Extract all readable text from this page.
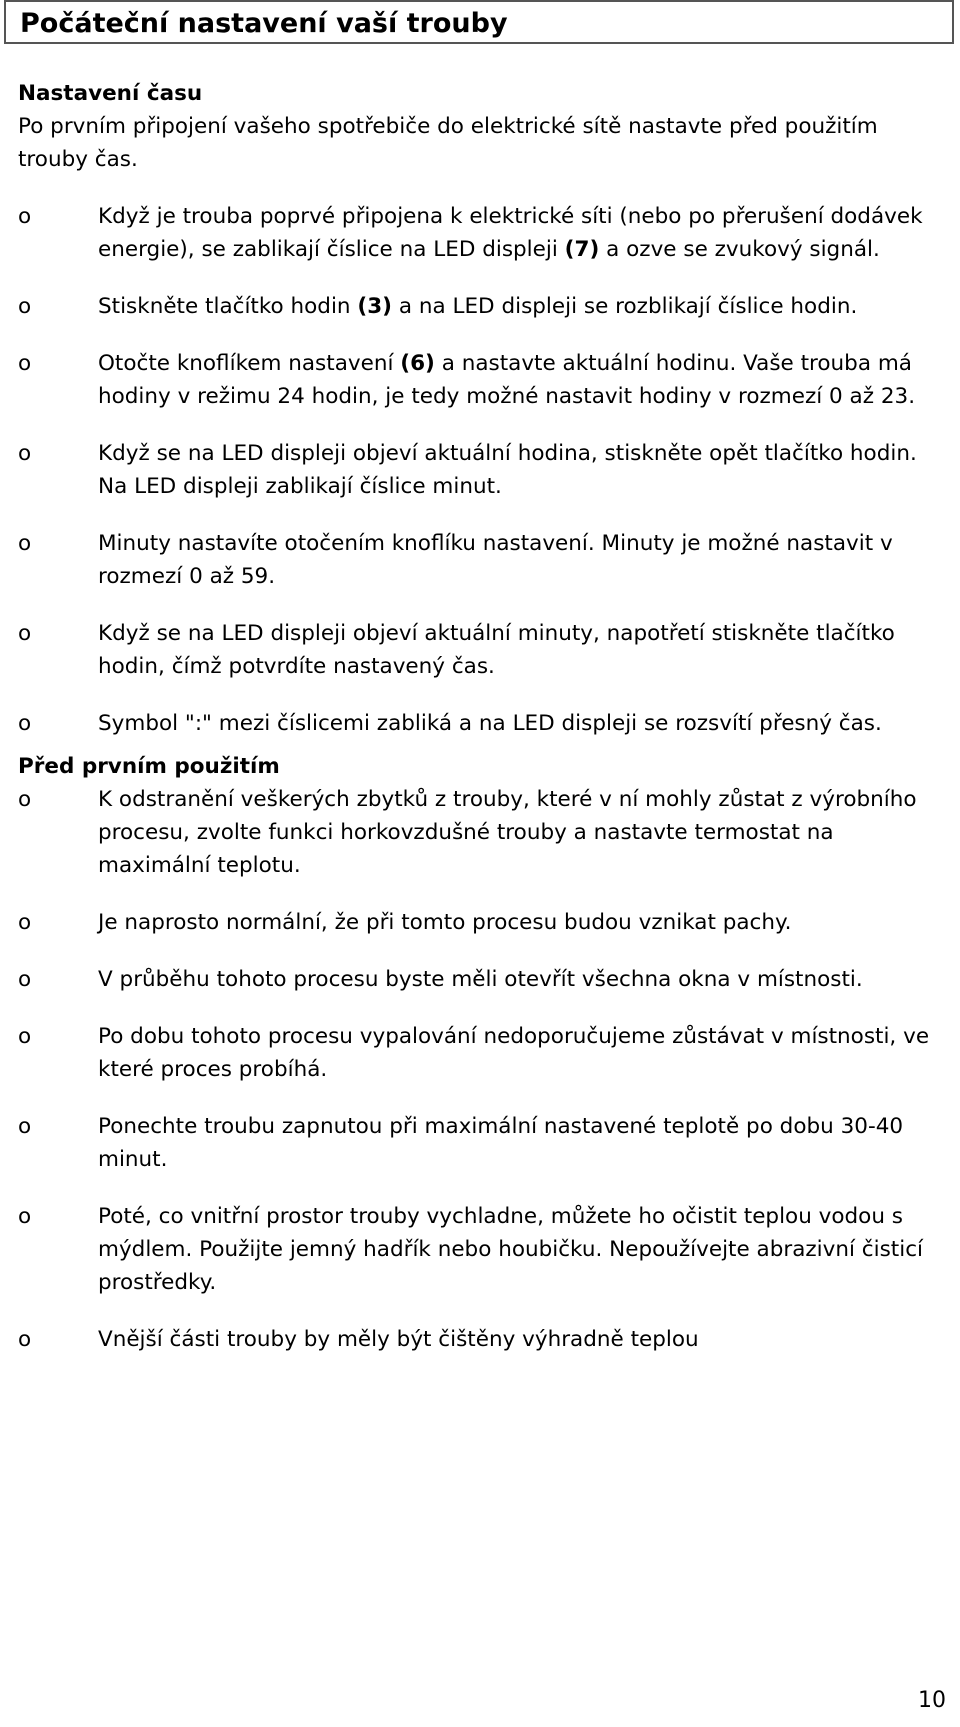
Počáteční nastavení vaší trouby

Nastavení času

Po prvním připojení vašeho spotřebiče do elektrické sítě nastavte před použitím trouby čas.

o	Když je trouba poprvé připojena k elektrické síti (nebo po přerušení dodávek energie), se zablikají číslice na LED displeji (7) a ozve se zvukový signál.
o	Stiskněte tlačítko hodin (3) a na LED displeji se rozblikají číslice hodin.
o	Otočte knoflíkem nastavení (6) a nastavte aktuální hodinu. Vaše trouba má hodiny v režimu 24 hodin, je tedy možné nastavit hodiny v rozmezí 0 až 23.
o	Když se na LED displeji objeví aktuální hodina, stiskněte opět tlačítko hodin. Na LED displeji zablikají číslice minut.
o	Minuty nastavíte otočením knoflíku nastavení. Minuty je možné nastavit v rozmezí 0 až 59.
o	Když se na LED displeji objeví aktuální minuty, napotřetí stiskněte tlačítko hodin, čímž potvrdíte nastavený čas.
o	Symbol ":" mezi číslicemi zabliká a na LED displeji se rozsvítí přesný čas.

Před prvním použitím

o	K odstranění veškerých zbytků z trouby, které v ní mohly zůstat z výrobního procesu, zvolte funkci horkovzdušné trouby a nastavte termostat na maximální teplotu.
o	Je naprosto normální, že při tomto procesu budou vznikat pachy.
o	V průběhu tohoto procesu byste měli otevřít všechna okna v místnosti.
o	Po dobu tohoto procesu vypalování nedoporučujeme zůstávat v místnosti, ve které proces probíhá.
o	Ponechte troubu zapnutou při maximální nastavené teplotě po dobu 30-40 minut.
o	Poté, co vnitřní prostor trouby vychladne, můžete ho očistit teplou vodou s mýdlem. Použijte jemný hadřík nebo houbičku. Nepoužívejte abrazivní čisticí prostředky.
o	Vnější části trouby by měly být čištěny výhradně teplou
10
